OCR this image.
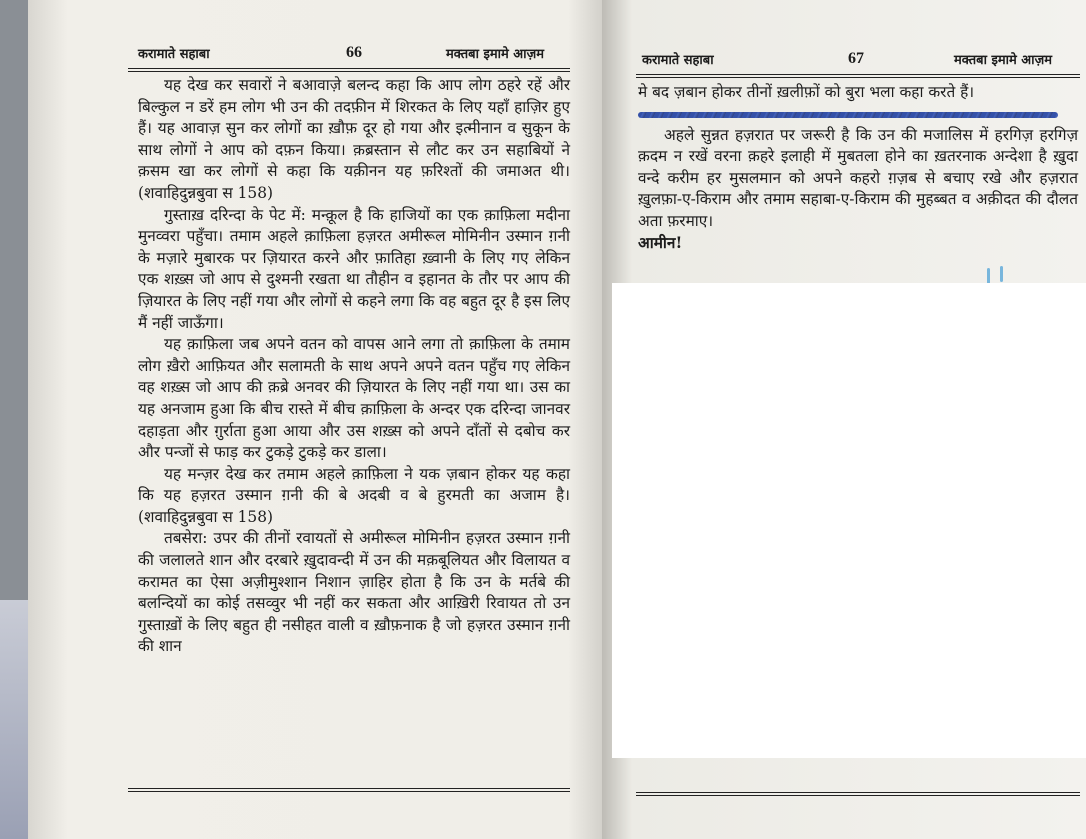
करामाते सहाबा	66	मक्तबा इमामे आज़म

यह देख कर सवारों ने बआवाज़े बलन्द कहा कि आप लोग ठहरे रहें और बिल्कुल न डरें हम लोग भी उन की तदफ़ीन में शिरकत के लिए यहाँ हाज़िर हुए हैं। यह आवाज़ सुन कर लोगों का ख़ौफ़ दूर हो गया और इत्मीनान व सुकून के साथ लोगों ने आप को दफ़न किया। क़ब्रस्तान से लौट कर उन सहाबियों ने क़सम खा कर लोगों से कहा कि यक़ीनन यह फ़रिश्तों की जमाअत थी। (शवाहिदुन्नबुवा स 158)

गुस्ताख़ दरिन्दा के पेट में: मन्क़ूल है कि हाजियों का एक क़ाफ़िला मदीना मुनव्वरा पहुँचा। तमाम अहले क़ाफ़िला हज़रत अमीरूल मोमिनीन उस्मान ग़नी के मज़ारे मुबारक पर ज़ियारत करने और फ़ातिहा ख़्वानी के लिए गए लेकिन एक शख़्स जो आप से दुश्मनी रखता था तौहीन व इहानत के तौर पर आप की ज़ियारत के लिए नहीं गया और लोगों से कहने लगा कि वह बहुत दूर है इस लिए मैं नहीं जाऊँगा।

यह क़ाफ़िला जब अपने वतन को वापस आने लगा तो क़ाफ़िला के तमाम लोग ख़ैरो आफ़ियत और सलामती के साथ अपने अपने वतन पहुँच गए लेकिन वह शख़्स जो आप की क़ब्रे अनवर की ज़ियारत के लिए नहीं गया था। उस का यह अनजाम हुआ कि बीच रास्ते में बीच क़ाफ़िला के अन्दर एक दरिन्दा जानवर दहाड़ता और ग़ुर्राता हुआ आया और उस शख़्स को अपने दाँतों से दबोच कर और पन्जों से फाड़ कर टुकड़े टुकड़े कर डाला।

यह मन्ज़र देख कर तमाम अहले क़ाफ़िला ने यक ज़बान होकर यह कहा कि यह हज़रत उस्मान ग़नी की बे अदबी व बे हुरमती का अजाम है। (शवाहिदुन्नबुवा स 158)

तबसेरा: उपर की तीनों रवायतों से अमीरूल मोमिनीन हज़रत उस्मान ग़नी की जलालते शान और दरबारे ख़ुदावन्दी में उन की मक़बूलियत और विलायत व करामत का ऐसा अज़ीमुश्शान निशान ज़ाहिर होता है कि उन के मर्तबे की बलन्दियों का कोई तसव्वुर भी नहीं कर सकता और आख़िरी रिवायत तो उन गुस्ताख़ों के लिए बहुत ही नसीहत वाली व ख़ौफ़नाक है जो हज़रत उस्मान ग़नी की शान

करामाते सहाबा	67	मक्तबा इमामे आज़म

मे बद ज़बान होकर तीनों ख़लीफ़ों को बुरा भला कहा करते हैं।

अहले सुन्नत हज़रात पर जरूरी है कि उन की मजालिस में हरगिज़ हरगिज़ क़दम न रखें वरना क़हरे इलाही में मुबतला होने का ख़तरनाक अन्देशा है ख़ुदा वन्दे करीम हर मुसलमान को अपने कहरो ग़ज़ब से बचाए रखे और हज़रात ख़ुलफ़ा-ए-किराम और तमाम सहाबा-ए-किराम की मुहब्बत व अक़ीदत की दौलत अता फ़रमाए।

आमीन!
